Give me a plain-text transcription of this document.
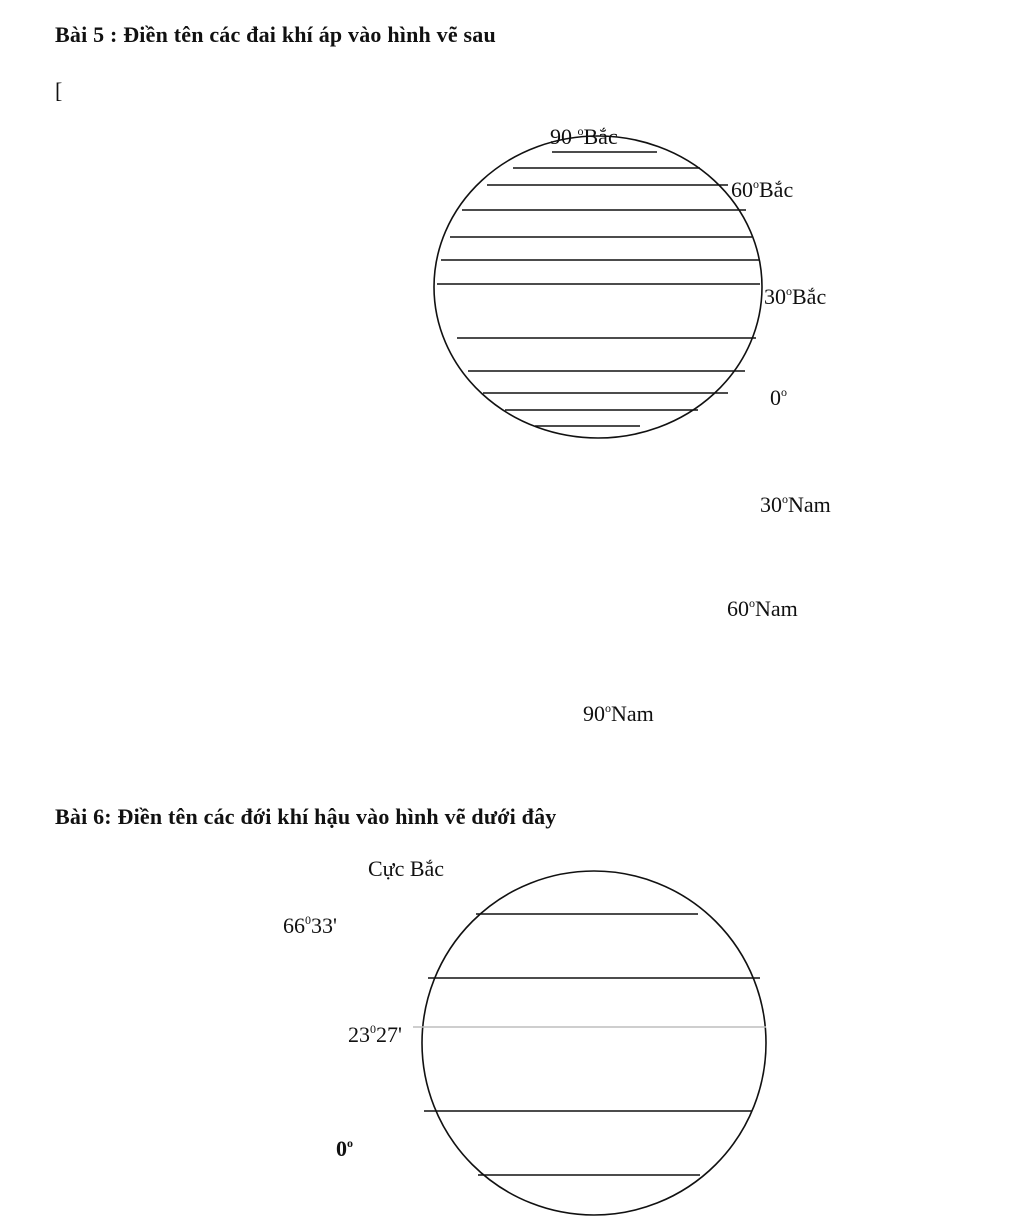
Bài 5 : Điền tên các đai khí áp vào hình vẽ sau
[
90 $^o$Bắc
60$^o$Bắc
30$^o$Bắc
0$^o$
30$^o$Nam
60$^o$Nam
90$^o$Nam
Bài 6: Điền tên các đới khí hậu vào hình vẽ dưới đây
Cực Bắc
$66^033'$
$23^027'$
0$^o$
